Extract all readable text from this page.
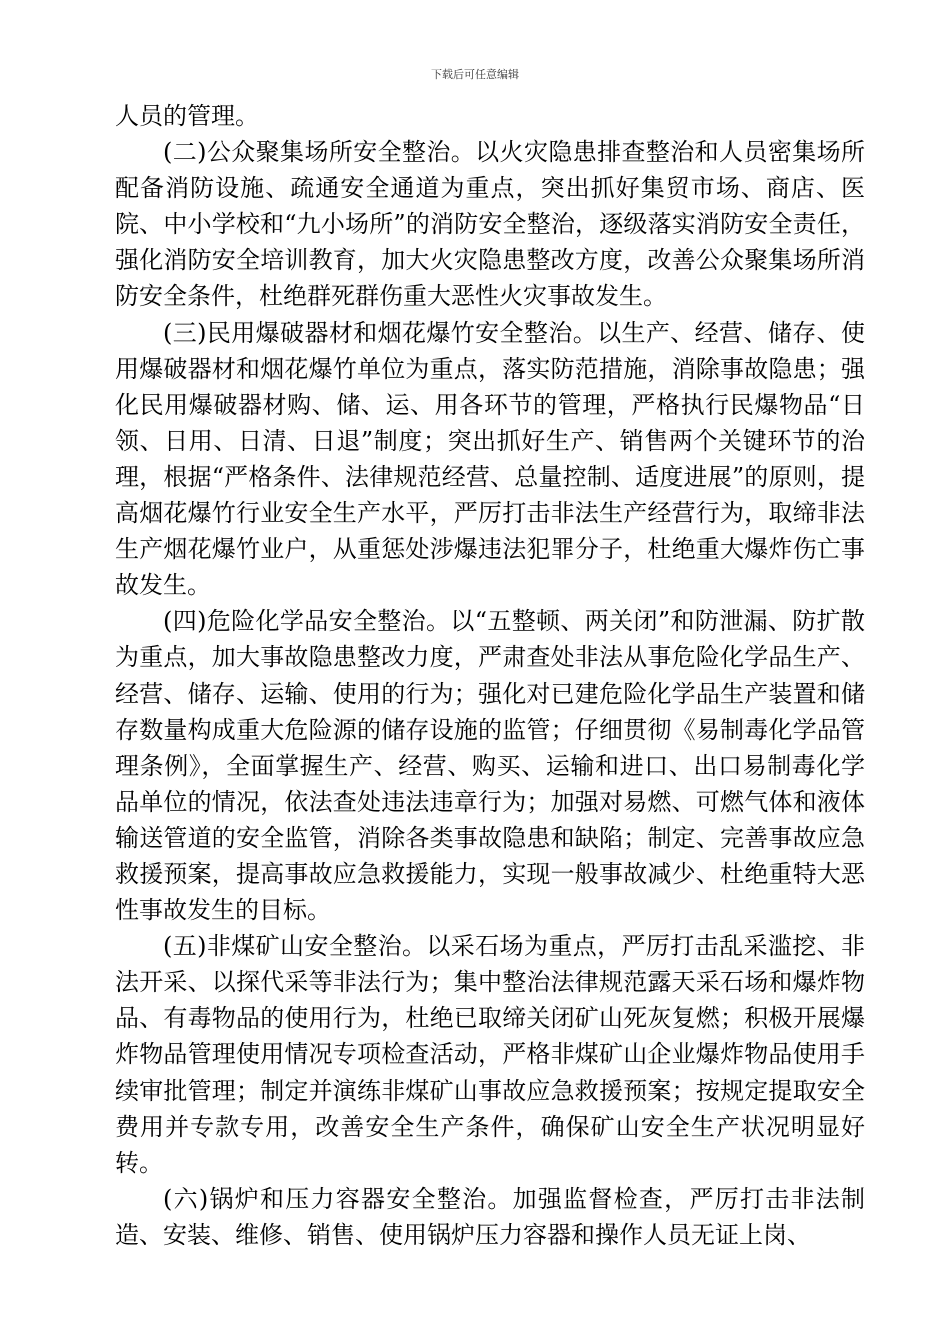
下载后可任意编辑

人员的管理。

(二)公众聚集场所安全整治。以火灾隐患排查整治和人员密集场所配备消防设施、疏通安全通道为重点，突出抓好集贸市场、商店、医院、中小学校和“九小场所”的消防安全整治，逐级落实消防安全责任，强化消防安全培训教育，加大火灾隐患整改方度，改善公众聚集场所消防安全条件，杜绝群死群伤重大恶性火灾事故发生。

(三)民用爆破器材和烟花爆竹安全整治。以生产、经营、储存、使用爆破器材和烟花爆竹单位为重点，落实防范措施，消除事故隐患；强化民用爆破器材购、储、运、用各环节的管理，严格执行民爆物品“日领、日用、日清、日退”制度；突出抓好生产、销售两个关键环节的治理，根据“严格条件、法律规范经营、总量控制、适度进展”的原则，提高烟花爆竹行业安全生产水平，严厉打击非法生产经营行为，取缔非法生产烟花爆竹业户，从重惩处涉爆违法犯罪分子，杜绝重大爆炸伤亡事故发生。

(四)危险化学品安全整治。以“五整顿、两关闭”和防泄漏、防扩散为重点，加大事故隐患整改力度，严肃查处非法从事危险化学品生产、经营、储存、运输、使用的行为；强化对已建危险化学品生产装置和储存数量构成重大危险源的储存设施的监管；仔细贯彻《易制毒化学品管理条例》，全面掌握生产、经营、购买、运输和进口、出口易制毒化学品单位的情况，依法查处违法违章行为；加强对易燃、可燃气体和液体输送管道的安全监管，消除各类事故隐患和缺陷；制定、完善事故应急救援预案，提高事故应急救援能力，实现一般事故减少、杜绝重特大恶性事故发生的目标。

(五)非煤矿山安全整治。以采石场为重点，严厉打击乱采滥挖、非法开采、以探代采等非法行为；集中整治法律规范露天采石场和爆炸物品、有毒物品的使用行为，杜绝已取缔关闭矿山死灰复燃；积极开展爆炸物品管理使用情况专项检查活动，严格非煤矿山企业爆炸物品使用手续审批管理；制定并演练非煤矿山事故应急救援预案；按规定提取安全费用并专款专用，改善安全生产条件，确保矿山安全生产状况明显好转。

(六)锅炉和压力容器安全整治。加强监督检查，严厉打击非法制造、安装、维修、销售、使用锅炉压力容器和操作人员无证上岗、
